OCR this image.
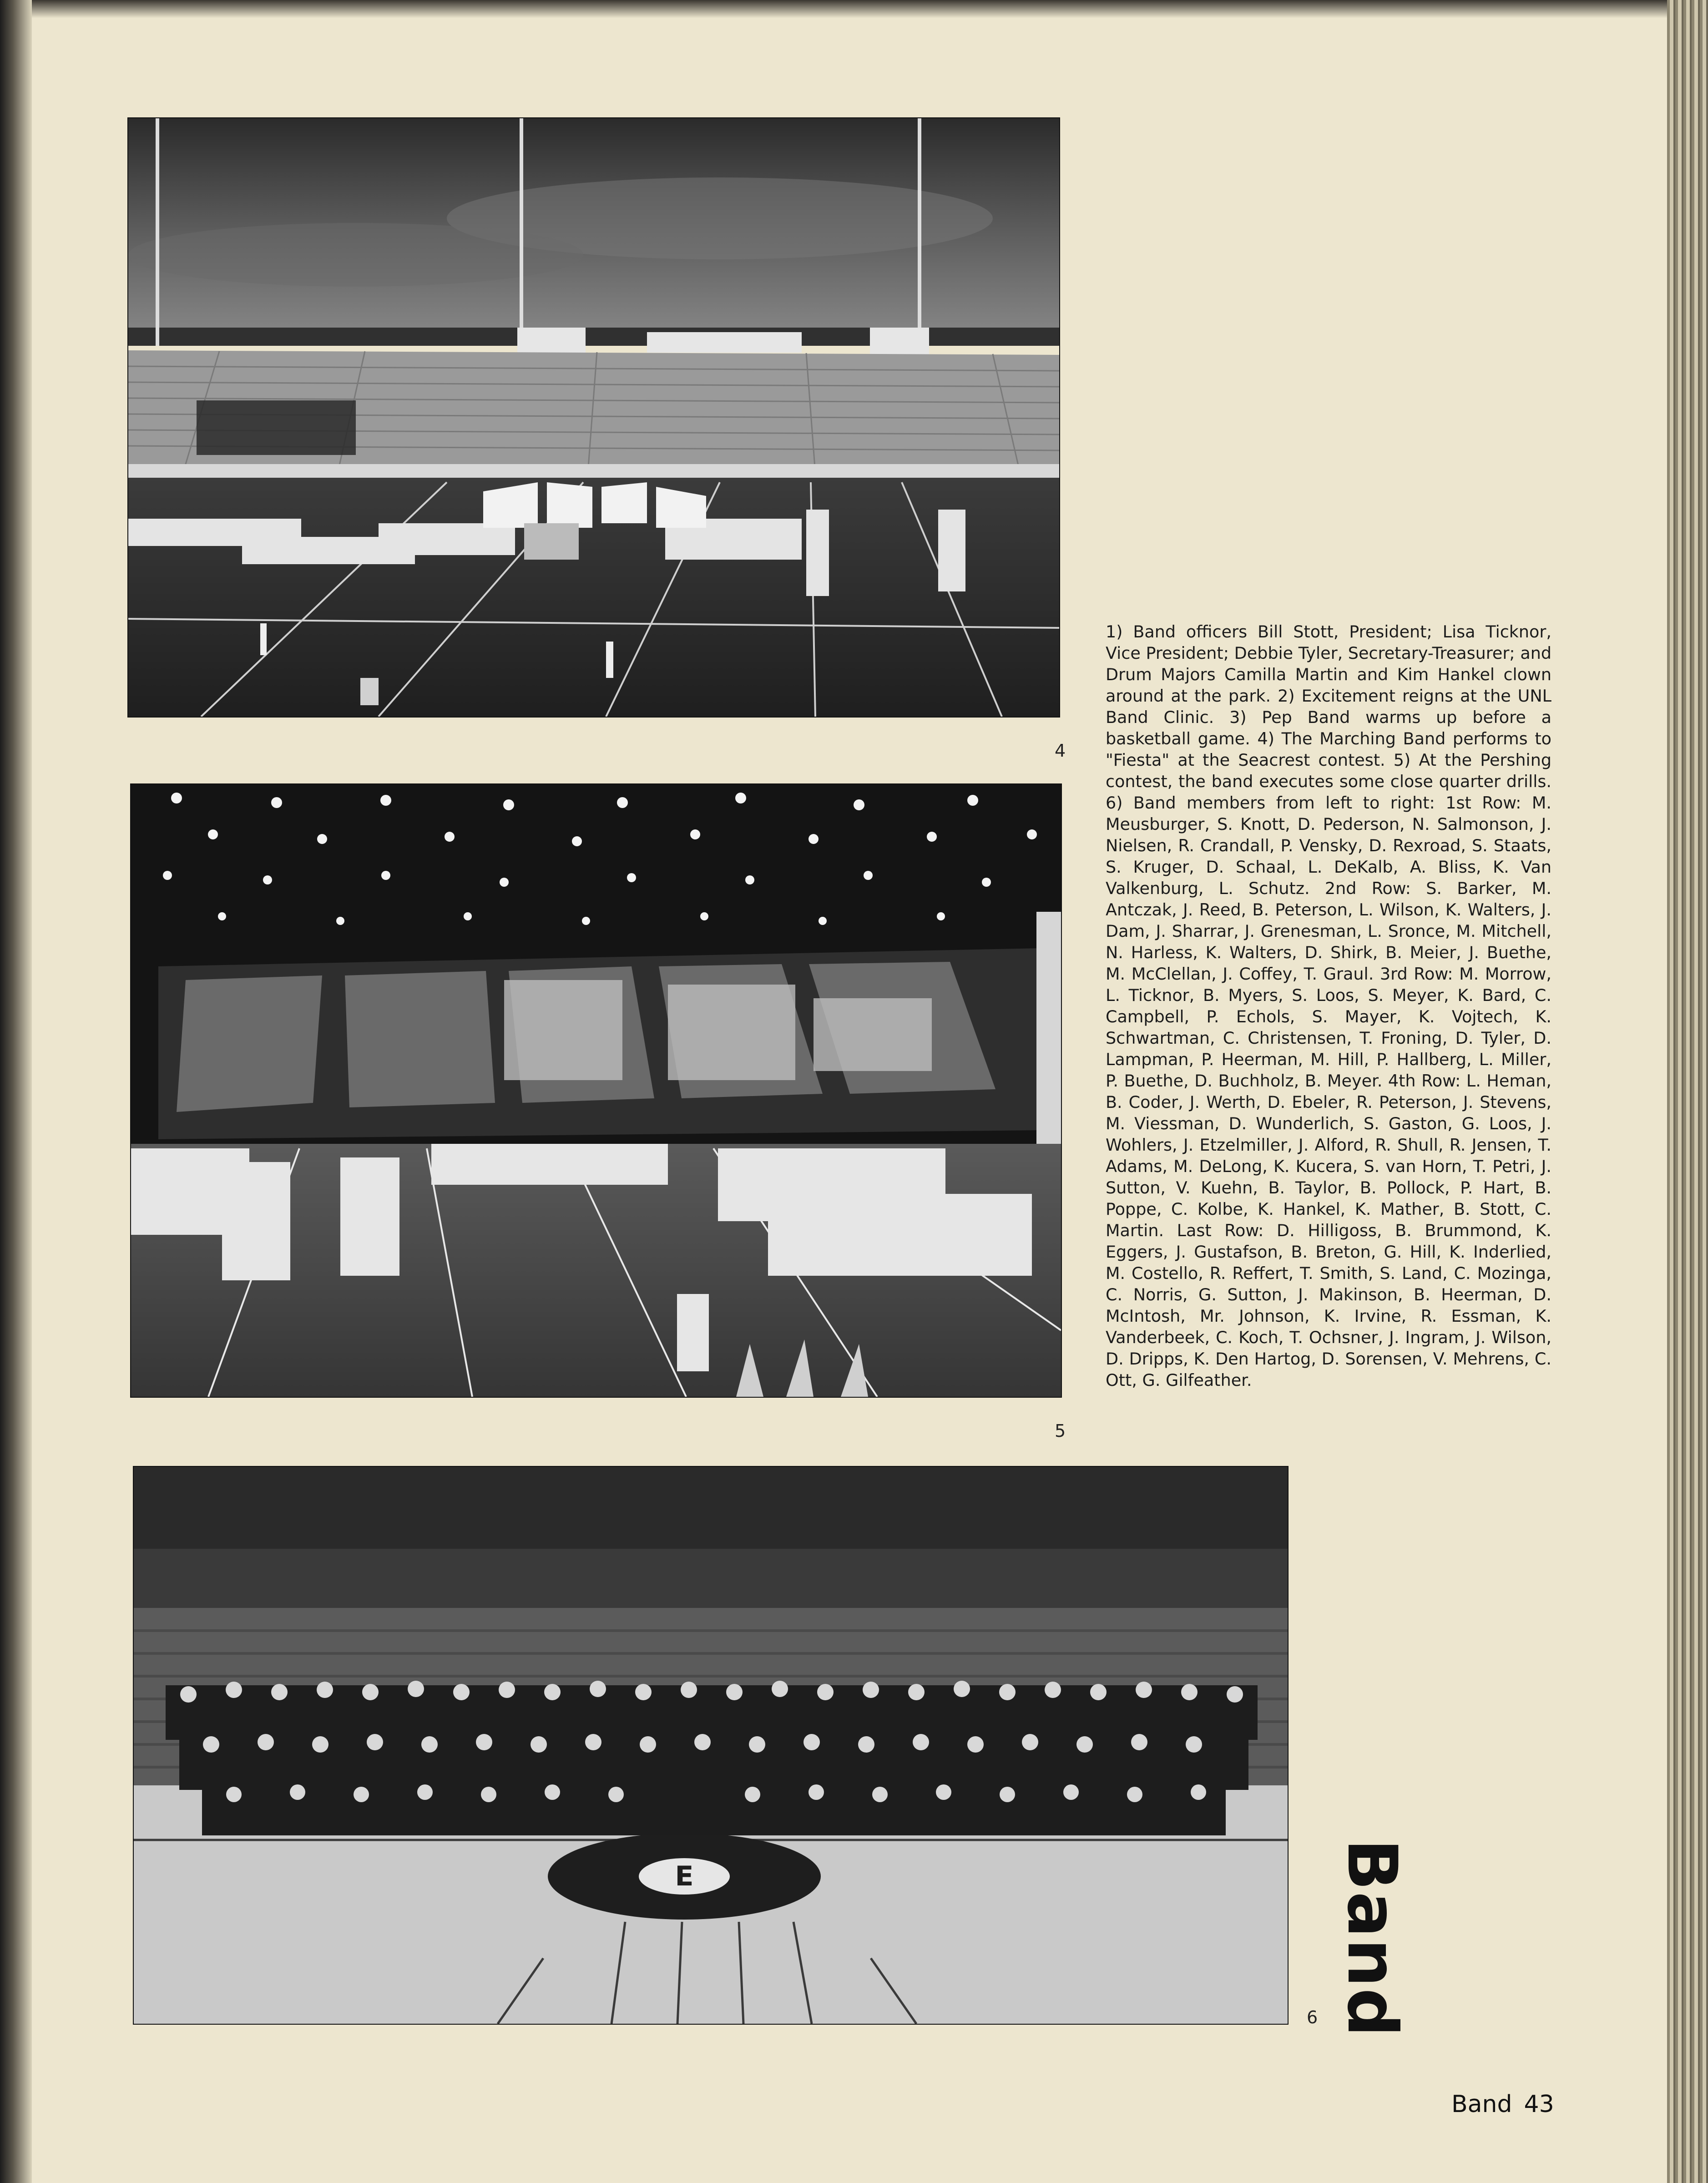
4
5
E
6
1) Band officers Bill Stott, President; Lisa Ticknor, Vice President; Debbie Tyler, Secretary-Treasurer; and Drum Majors Camilla Martin and Kim Hankel clown around at the park. 2) Excitement reigns at the UNL Band Clinic. 3) Pep Band warms up before a basketball game. 4) The Marching Band performs to "Fiesta" at the Seacrest contest. 5) At the Pershing contest, the band executes some close quarter drills. 6) Band members from left to right: 1st Row: M. Meusburger, S. Knott, D. Pederson, N. Salmonson, J. Nielsen, R. Crandall, P. Vensky, D. Rexroad, S. Staats, S. Kruger, D. Schaal, L. DeKalb, A. Bliss, K. Van Valkenburg, L. Schutz. 2nd Row: S. Barker, M. Antczak, J. Reed, B. Peterson, L. Wilson, K. Walters, J. Dam, J. Sharrar, J. Grenesman, L. Sronce, M. Mitchell, N. Harless, K. Walters, D. Shirk, B. Meier, J. Buethe, M. McClellan, J. Coffey, T. Graul. 3rd Row: M. Morrow, L. Ticknor, B. Myers, S. Loos, S. Meyer, K. Bard, C. Campbell, P. Echols, S. Mayer, K. Vojtech, K. Schwartman, C. Christensen, T. Froning, D. Tyler, D. Lampman, P. Heerman, M. Hill, P. Hallberg, L. Miller, P. Buethe, D. Buchholz, B. Meyer. 4th Row: L. Heman, B. Coder, J. Werth, D. Ebeler, R. Peterson, J. Stevens, M. Viessman, D. Wunderlich, S. Gaston, G. Loos, J. Wohlers, J. Etzelmiller, J. Alford, R. Shull, R. Jensen, T. Adams, M. DeLong, K. Kucera, S. van Horn, T. Petri, J. Sutton, V. Kuehn, B. Taylor, B. Pollock, P. Hart, B. Poppe, C. Kolbe, K. Hankel, K. Mather, B. Stott, C. Martin. Last Row: D. Hilligoss, B. Brummond, K. Eggers, J. Gustafson, B. Breton, G. Hill, K. Inderlied, M. Costello, R. Reffert, T. Smith, S. Land, C. Mozinga, C. Norris, G. Sutton, J. Makinson, B. Heerman, D. McIntosh, Mr. Johnson, K. Irvine, R. Essman, K. Vanderbeek, C. Koch, T. Ochsner, J. Ingram, J. Wilson, D. Dripps, K. Den Hartog, D. Sorensen, V. Mehrens, C. Ott, G. Gilfeather.
Band
Band 43
